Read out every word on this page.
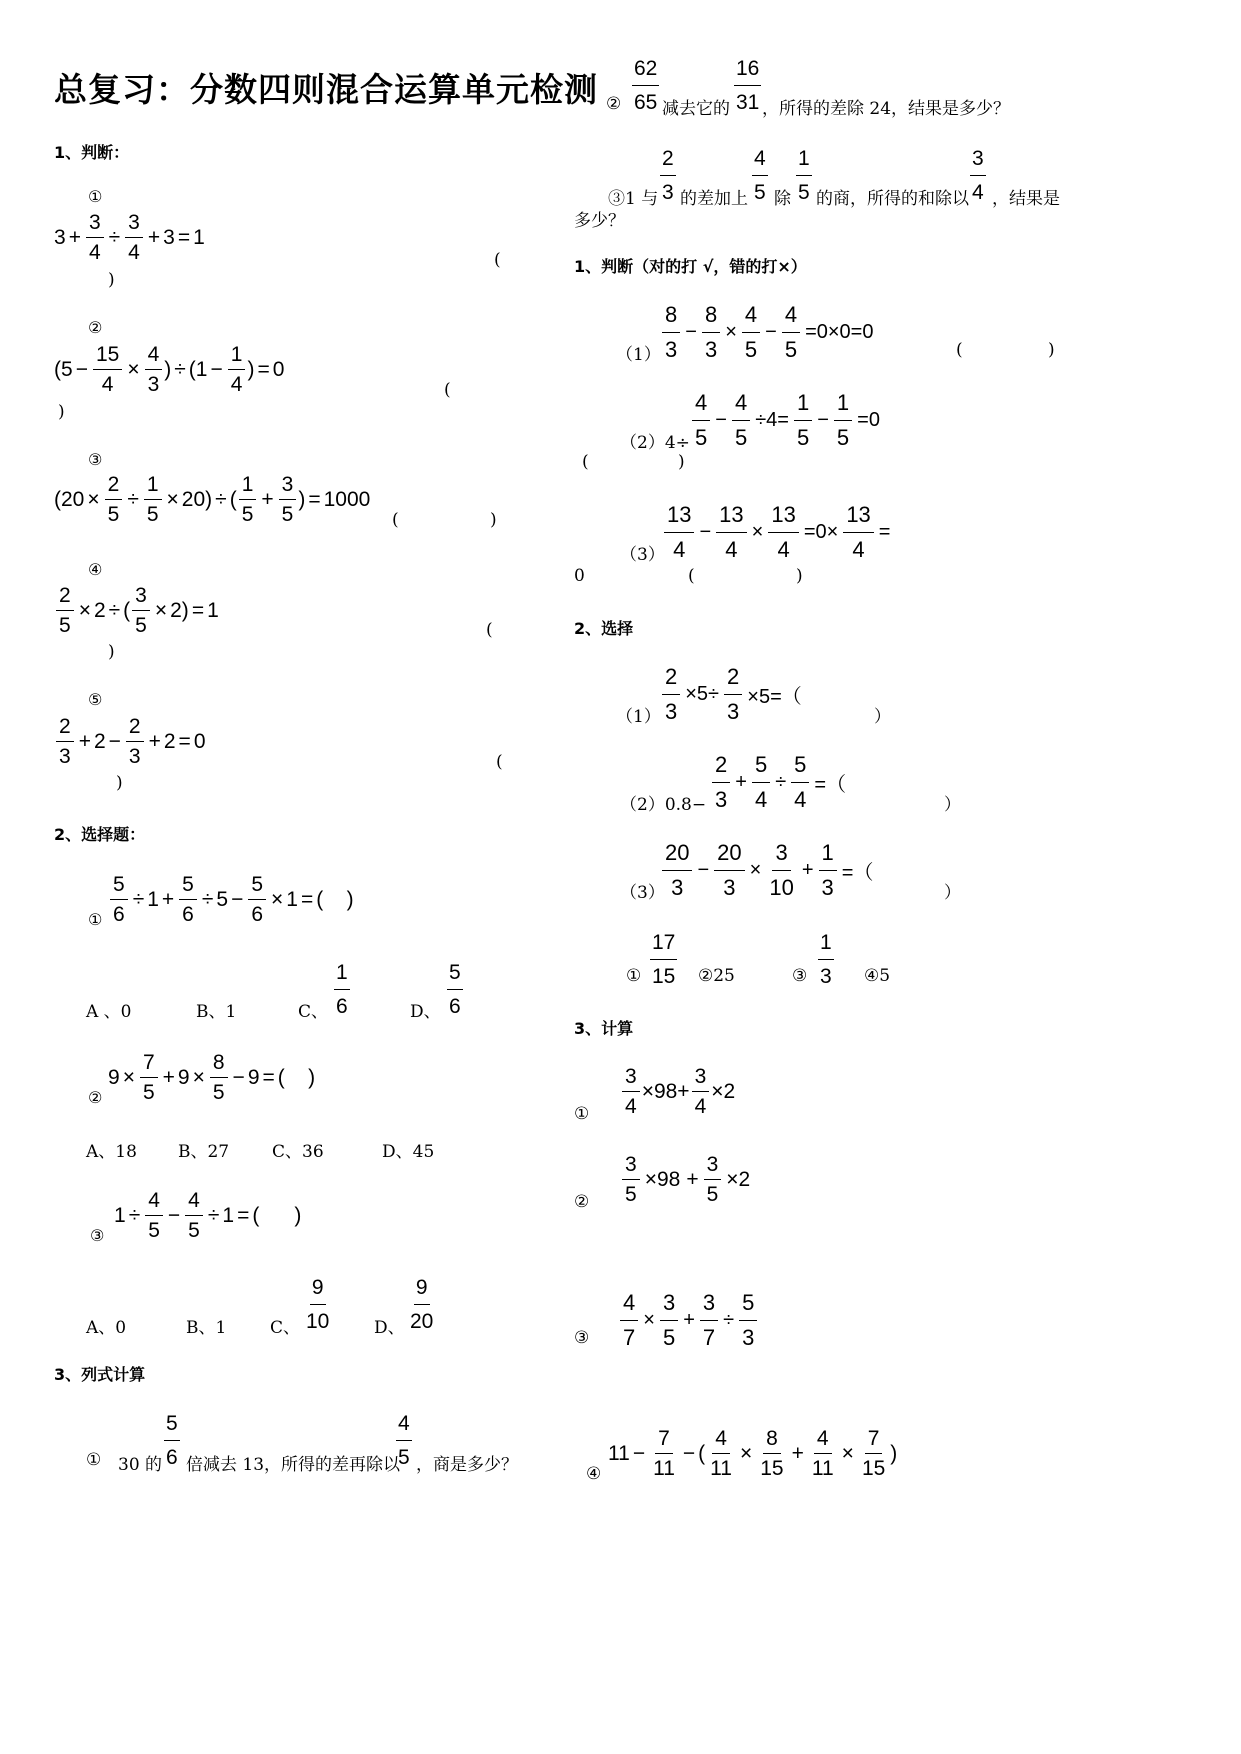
总复习：分数四则混合运算单元检测
1、判断：
①
$3 + \frac{3}{4} \div \frac{3}{4} + 3 = 1$
(
)
②
($5 - \frac{15}{4} \times \frac{4}{3}$ ) ÷ ($1 - \frac{1}{4}$ ) = 0
(
)
③
$(20 \times \frac{2}{5} \div \frac{1}{5} \times 20)$ ÷ ( $\frac{1}{5} + \frac{3}{5}$ ) = 1000
(	)
④
$\frac{2}{5} \times 2$ ÷ ( $\frac{3}{5} \times 2) = 1$
(
)
⑤
$\frac{2}{3} + 2 - \frac{2}{3} + 2 = 0$
(
)
2、选择题：
① $\frac{5}{6} \div 1 + \frac{5}{6} \div 5 - \frac{5}{6} \times 1$ = (    )
A 、0	B、1	C、 $\frac{1}{6}$	D、 $\frac{5}{6}$
②
$9 \times \frac{7}{5} + 9 \times \frac{8}{5} - 9$ = (    )
A、18 B、27	C、36	D、45
③
$1 \div \frac{4}{5} - \frac{4}{5} \div 1$ = (      )
A、0	B、1	C、 $\frac{9}{10}$	D、 $\frac{9}{20}$
3、列式计算
① 30 的 $\frac{5}{6}$ 倍减去 13，所得的差再除以
$\frac{4}{5}$ ，商是多少？
② $\frac{62}{65}$ 减去它的 $\frac{16}{31}$ ，所得的差除 24，结果是多少？
③1 与 $\frac{2}{3}$ 的差加上 $\frac{4}{5}$ 除 $\frac{1}{5}$ 的商，所得的和除以 $\frac{3}{4}$ ，结果是
多少？
1、判断（对的打 √，错的打×）
$(1) \frac{8}{3} - \frac{8}{3} \times \frac{4}{5} - \frac{4}{5} =0\times 0=0$
(	)
$(2)4\div \frac{4}{5} - \frac{4}{5} \div 4= \frac{1}{5} - \frac{1}{5} =0$
(	)
$(3) \frac{13}{4} - \frac{13}{4} \times \frac{13}{4} =0\times \frac{13}{4}$ =
0	(	)
2、选择
$(1) \frac{2}{3} \times 5\div \frac{2}{3} \times 5=$（
）
$(2)0.8- \frac{2}{3} + \frac{5}{4} \div \frac{5}{4}$ =（
）
（3）
$\frac{20}{3} - \frac{20}{3} \times \frac{3}{10} + \frac{1}{3}$ =（
）
① $\frac{17}{15}$ ②25	③ $\frac{1}{3}$ ④5
3、计算
① $\frac{3}{4} \times 98+ \frac{3}{4} \times 2$
② $\frac{3}{5} \times 98 + \frac{3}{5} \times 2$
③ $\frac{4}{7} \times \frac{3}{5} + \frac{3}{7} \div \frac{5}{3}$
④
$11 - \frac{7}{11}$ − ( $\frac{4}{11} \times \frac{8}{15} + \frac{4}{11} \times \frac{7}{15}$ )
